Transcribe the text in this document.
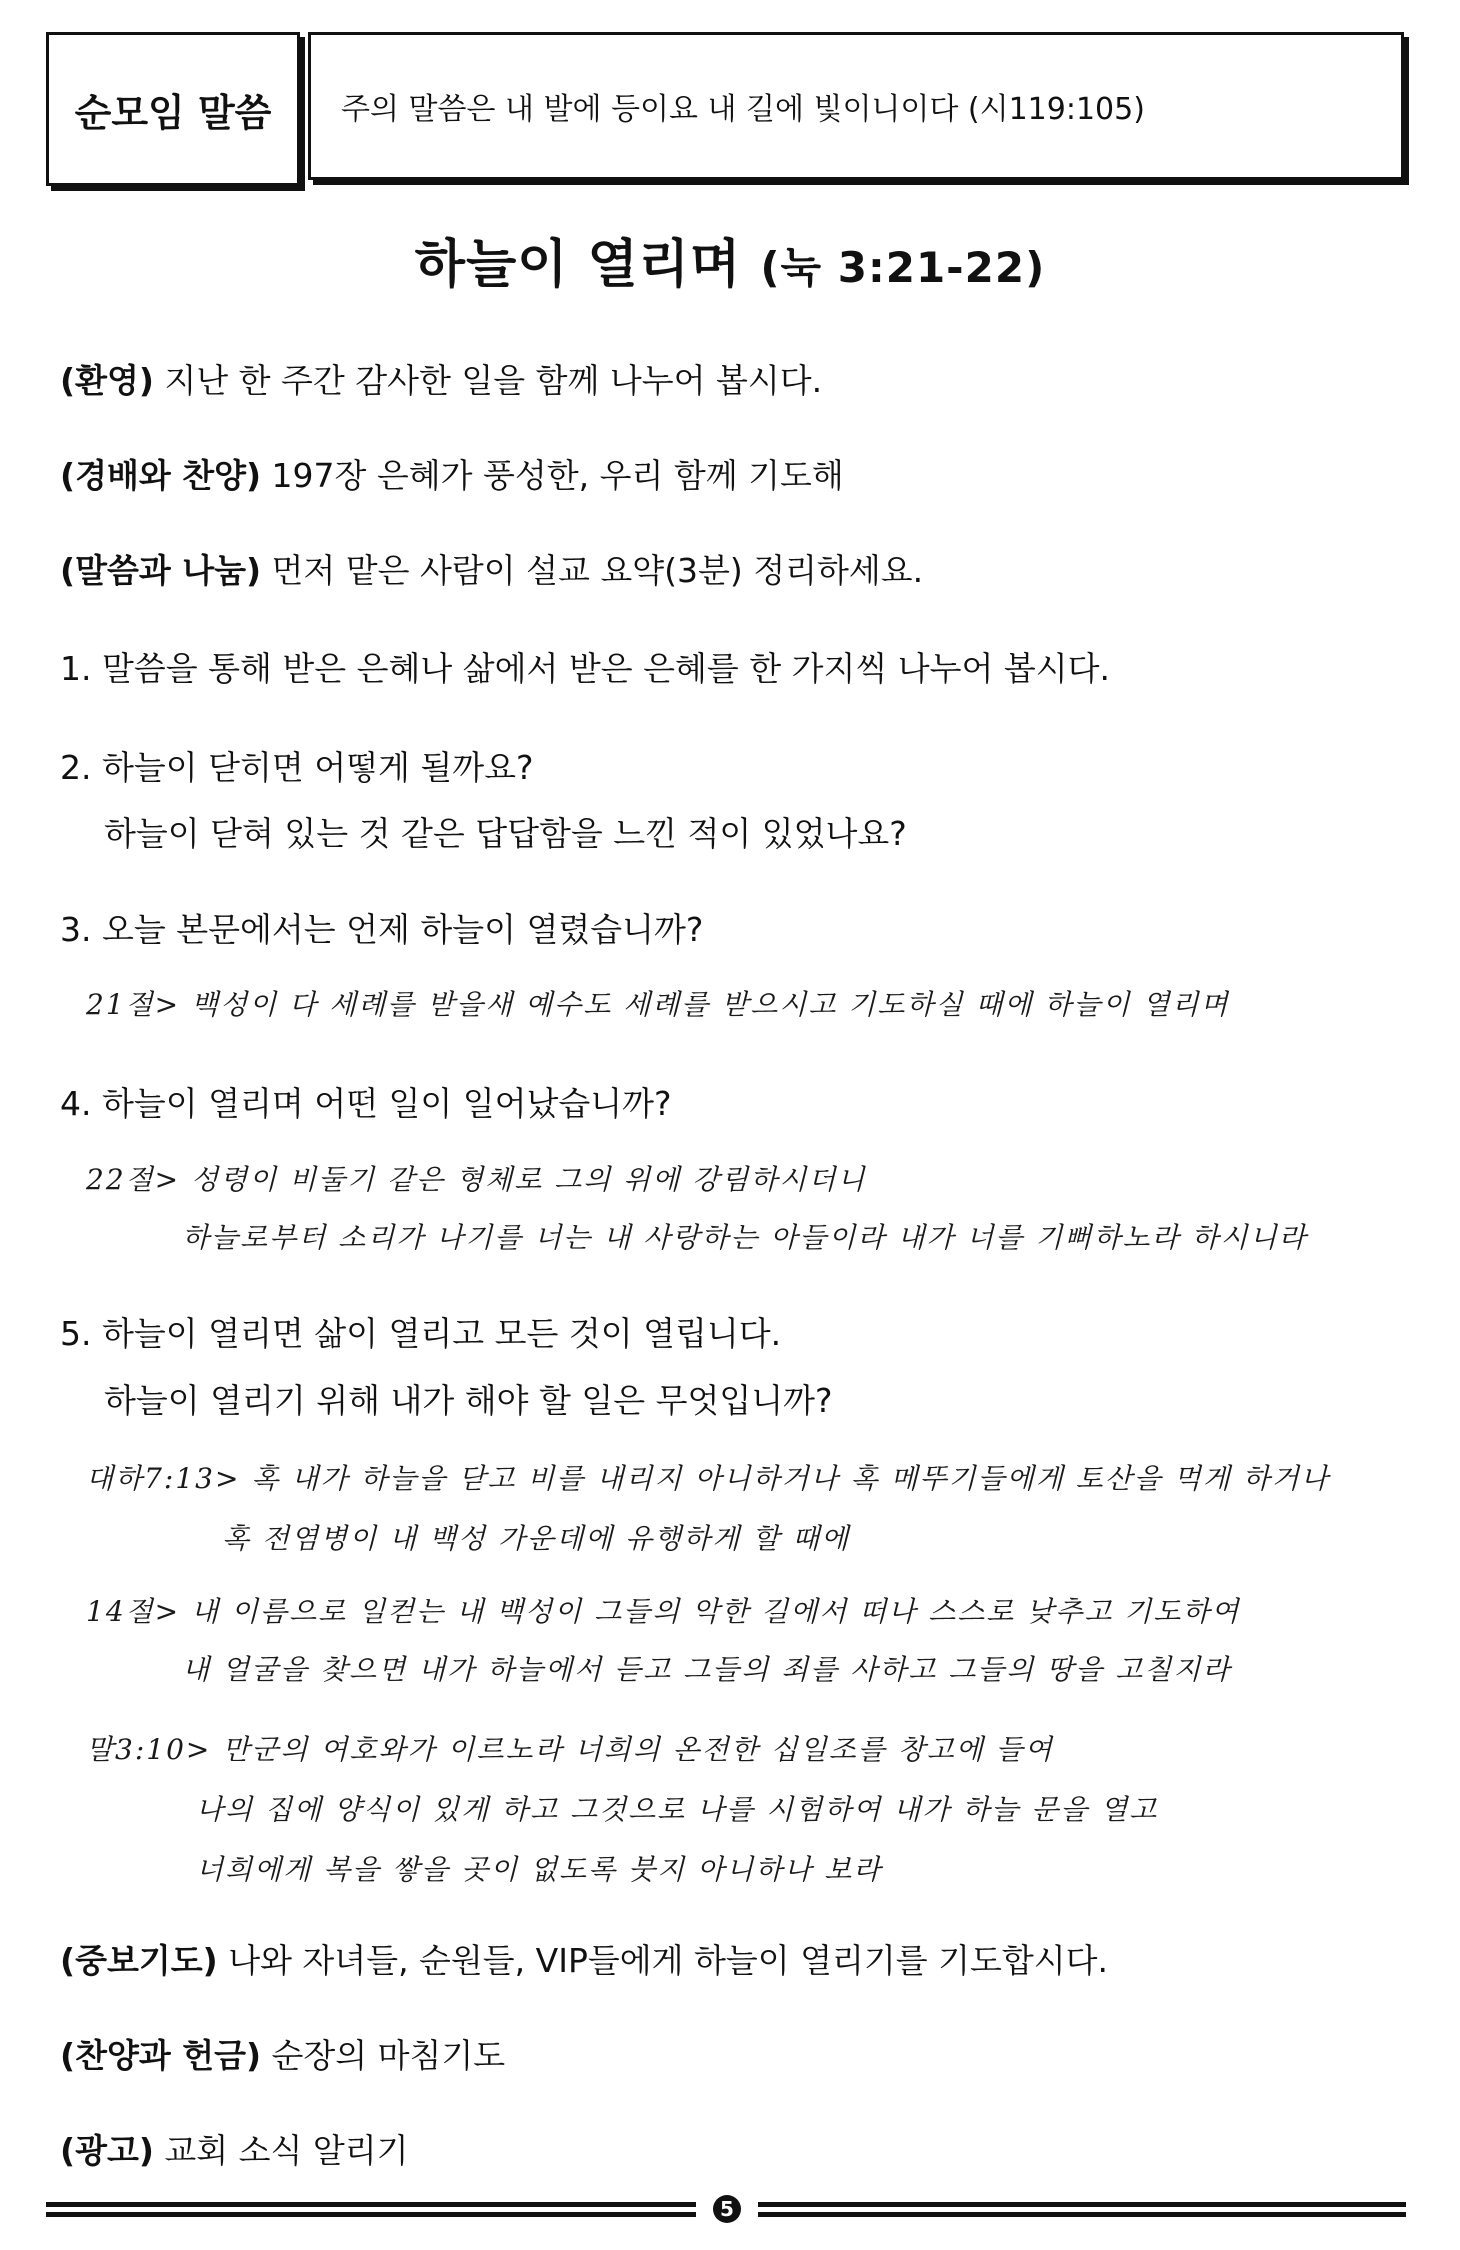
순모임 말씀 주의 말씀은 내 발에 등이요 내 길에 빛이니이다 (시119:105)
하늘이 열리며 (눅 3:21-22)
(환영) 지난 한 주간 감사한 일을 함께 나누어 봅시다.
(경배와 찬양) 197장 은혜가 풍성한, 우리 함께 기도해
(말씀과 나눔) 먼저 맡은 사람이 설교 요약(3분) 정리하세요.
1. 말씀을 통해 받은 은혜나 삶에서 받은 은혜를 한 가지씩 나누어 봅시다.
2. 하늘이 닫히면 어떻게 될까요?
하늘이 닫혀 있는 것 같은 답답함을 느낀 적이 있었나요?
3. 오늘 본문에서는 언제 하늘이 열렸습니까?
21절> 백성이 다 세례를 받을새 예수도 세례를 받으시고 기도하실 때에 하늘이 열리며
4. 하늘이 열리며 어떤 일이 일어났습니까?
22절> 성령이 비둘기 같은 형체로 그의 위에 강림하시더니
하늘로부터 소리가 나기를 너는 내 사랑하는 아들이라 내가 너를 기뻐하노라 하시니라
5. 하늘이 열리면 삶이 열리고 모든 것이 열립니다.
하늘이 열리기 위해 내가 해야 할 일은 무엇입니까?
대하7:13> 혹 내가 하늘을 닫고 비를 내리지 아니하거나 혹 메뚜기들에게 토산을 먹게 하거나
혹 전염병이 내 백성 가운데에 유행하게 할 때에
14절> 내 이름으로 일컫는 내 백성이 그들의 악한 길에서 떠나 스스로 낮추고 기도하여
내 얼굴을 찾으면 내가 하늘에서 듣고 그들의 죄를 사하고 그들의 땅을 고칠지라
말3:10> 만군의 여호와가 이르노라 너희의 온전한 십일조를 창고에 들여
나의 집에 양식이 있게 하고 그것으로 나를 시험하여 내가 하늘 문을 열고
너희에게 복을 쌓을 곳이 없도록 붓지 아니하나 보라
(중보기도) 나와 자녀들, 순원들, VIP들에게 하늘이 열리기를 기도합시다.
(찬양과 헌금) 순장의 마침기도
(광고) 교회 소식 알리기
5
